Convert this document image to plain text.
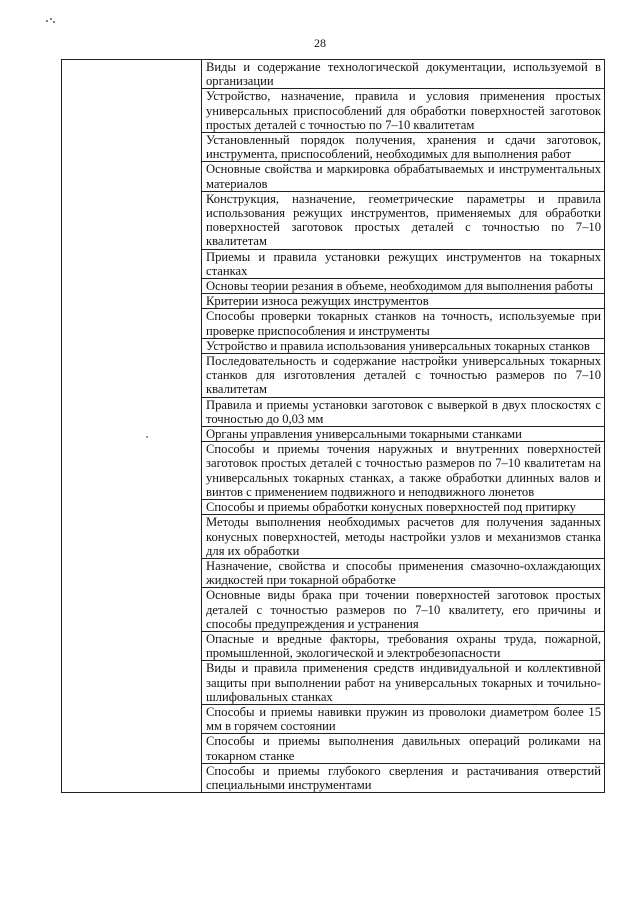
28
	Виды и содержание технологической документации, используемой в организации
Устройство, назначение, правила и условия применения простых универсальных приспособлений для обработки поверхностей заготовок простых деталей с точностью по 7–10 квалитетам
Установленный порядок получения, хранения и сдачи заготовок, инструмента, приспособлений, необходимых для выполнения работ
Основные свойства и маркировка обрабатываемых и инструментальных материалов
Конструкция, назначение, геометрические параметры и правила использования режущих инструментов, применяемых для обработки поверхностей заготовок простых деталей с точностью по 7–10 квалитетам
Приемы и правила установки режущих инструментов на токарных станках
Основы теории резания в объеме, необходимом для выполнения работы
Критерии износа режущих инструментов
Способы проверки токарных станков на точность, используемые при проверке приспособления и инструменты
Устройство и правила использования универсальных токарных станков
Последовательность и содержание настройки универсальных токарных станков для изготовления деталей с точностью размеров по 7–10 квалитетам
Правила и приемы установки заготовок с выверкой в двух плоскостях с точностью до 0,03 мм
Органы управления универсальными токарными станками
Способы и приемы точения наружных и внутренних поверхностей заготовок простых деталей с точностью размеров по 7–10 квалитетам на универсальных токарных станках, а также обработки длинных валов и винтов с применением подвижного и неподвижного люнетов
Способы и приемы обработки конусных поверхностей под притирку
Методы выполнения необходимых расчетов для получения заданных конусных поверхностей, методы настройки узлов и механизмов станка для их обработки
Назначение, свойства и способы применения смазочно-охлаждающих жидкостей при токарной обработке
Основные виды брака при точении поверхностей заготовок простых деталей с точностью размеров по 7–10 квалитету, его причины и способы предупреждения и устранения
Опасные и вредные факторы, требования охраны труда, пожарной, промышленной, экологической и электробезопасности
Виды и правила применения средств индивидуальной и коллективной защиты при выполнении работ на универсальных токарных и точильно-шлифовальных станках
Способы и приемы навивки пружин из проволоки диаметром более 15 мм в горячем состоянии
Способы и приемы выполнения давильных операций роликами на токарном станке
Способы и приемы глубокого сверления и растачивания отверстий специальными инструментами
